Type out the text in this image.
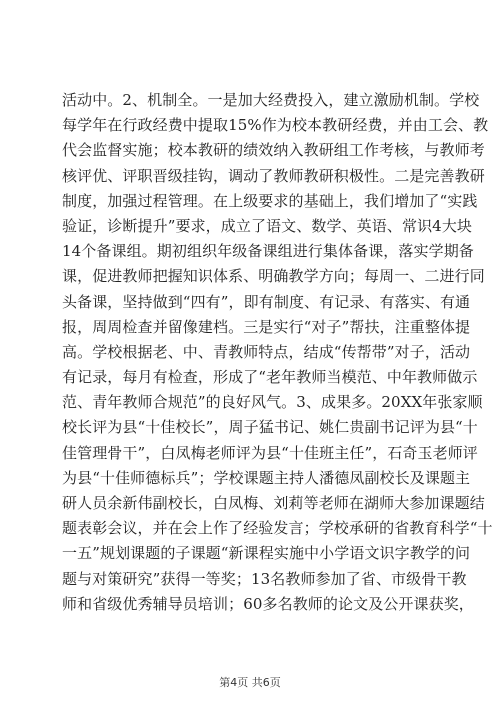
活动中。2、机制全。一是加大经费投入，建立激励机制。学校
每学年在行政经费中提取15%作为校本教研经费，并由工会、教
代会监督实施；校本教研的绩效纳入教研组工作考核，与教师考
核评优、评职晋级挂钩，调动了教师教研积极性。二是完善教研
制度，加强过程管理。在上级要求的基础上，我们增加了“实践
验证，诊断提升”要求，成立了语文、数学、英语、常识4大块
14个备课组。期初组织年级备课组进行集体备课，落实学期备
课，促进教师把握知识体系、明确教学方向；每周一、二进行同
头备课，坚持做到“四有”，即有制度、有记录、有落实、有通
报，周周检查并留像建档。三是实行“对子”帮扶，注重整体提
高。学校根据老、中、青教师特点，结成“传帮带”对子，活动
有记录，每月有检查，形成了“老年教师当模范、中年教师做示
范、青年教师合规范”的良好风气。3、成果多。20XX年张家顺
校长评为县“十佳校长”，周子猛书记、姚仁贵副书记评为县“十
佳管理骨干”，白凤梅老师评为县“十佳班主任”，石奇玉老师评
为县“十佳师德标兵”；学校课题主持人潘德凤副校长及课题主
研人员余新伟副校长，白凤梅、刘莉等老师在湖师大参加课题结
题表彰会议，并在会上作了经验发言；学校承研的省教育科学“十
一五”规划课题的子课题“新课程实施中小学语文识字教学的问
题与对策研究”获得一等奖；13名教师参加了省、市级骨干教
师和省级优秀辅导员培训；60多名教师的论文及公开课获奖，
第4页 共6页
